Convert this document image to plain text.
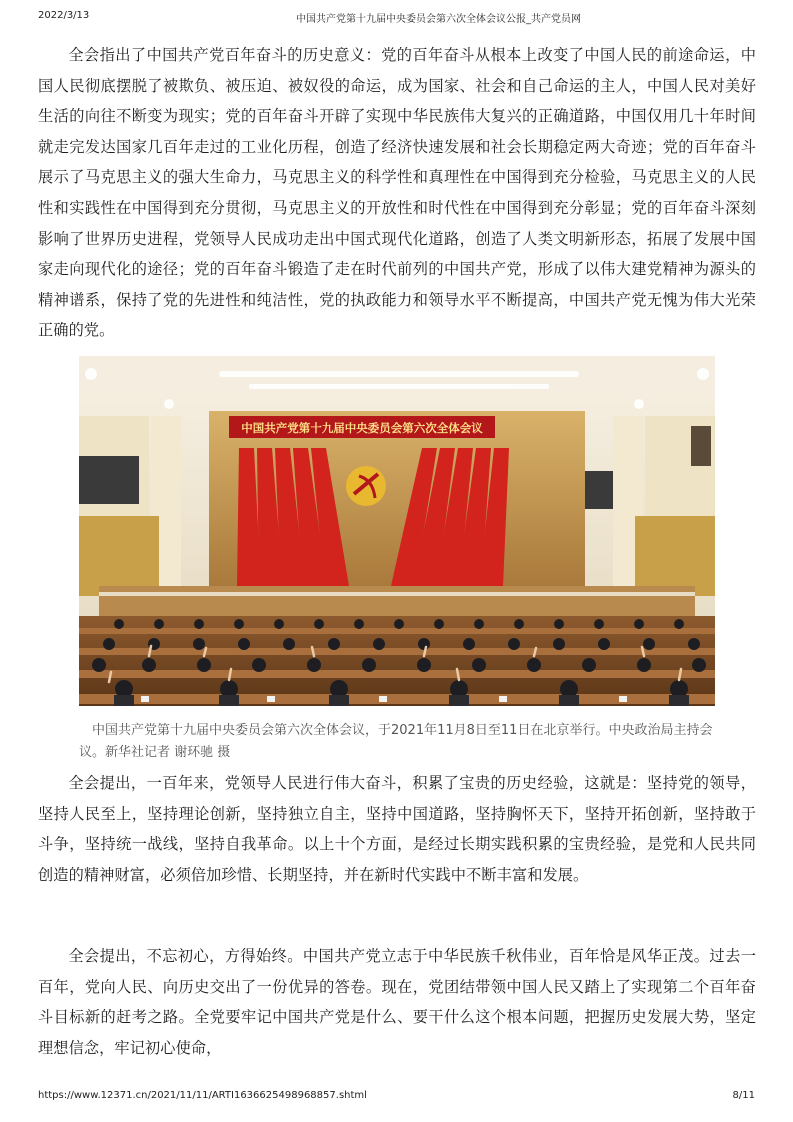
2022/3/13	中国共产党第十九届中央委员会第六次全体会议公报_共产党员网

全会指出了中国共产党百年奋斗的历史意义：党的百年奋斗从根本上改变了中国人民的前途命运，中国人民彻底摆脱了被欺负、被压迫、被奴役的命运，成为国家、社会和自己命运的主人，中国人民对美好生活的向往不断变为现实；党的百年奋斗开辟了实现中华民族伟大复兴的正确道路，中国仅用几十年时间就走完发达国家几百年走过的工业化历程，创造了经济快速发展和社会长期稳定两大奇迹；党的百年奋斗展示了马克思主义的强大生命力，马克思主义的科学性和真理性在中国得到充分检验，马克思主义的人民性和实践性在中国得到充分贯彻，马克思主义的开放性和时代性在中国得到充分彰显；党的百年奋斗深刻影响了世界历史进程，党领导人民成功走出中国式现代化道路，创造了人类文明新形态，拓展了发展中国家走向现代化的途径；党的百年奋斗锻造了走在时代前列的中国共产党，形成了以伟大建党精神为源头的精神谱系，保持了党的先进性和纯洁性，党的执政能力和领导水平不断提高，中国共产党无愧为伟大光荣正确的党。

中国共产党第十九届中央委员会第六次全体会议

中国共产党第十九届中央委员会第六次全体会议，于2021年11月8日至11日在北京举行。中央政治局主持会议。新华社记者 谢环驰 摄

全会提出，一百年来，党领导人民进行伟大奋斗，积累了宝贵的历史经验，这就是：坚持党的领导，坚持人民至上，坚持理论创新，坚持独立自主，坚持中国道路，坚持胸怀天下，坚持开拓创新，坚持敢于斗争，坚持统一战线，坚持自我革命。以上十个方面，是经过长期实践积累的宝贵经验，是党和人民共同创造的精神财富，必须倍加珍惜、长期坚持，并在新时代实践中不断丰富和发展。

全会提出，不忘初心，方得始终。中国共产党立志于中华民族千秋伟业，百年恰是风华正茂。过去一百年，党向人民、向历史交出了一份优异的答卷。现在，党团结带领中国人民又踏上了实现第二个百年奋斗目标新的赶考之路。全党要牢记中国共产党是什么、要干什么这个根本问题，把握历史发展大势，坚定理想信念，牢记初心使命，

https://www.12371.cn/2021/11/11/ARTI1636625498968857.shtml	8/11
